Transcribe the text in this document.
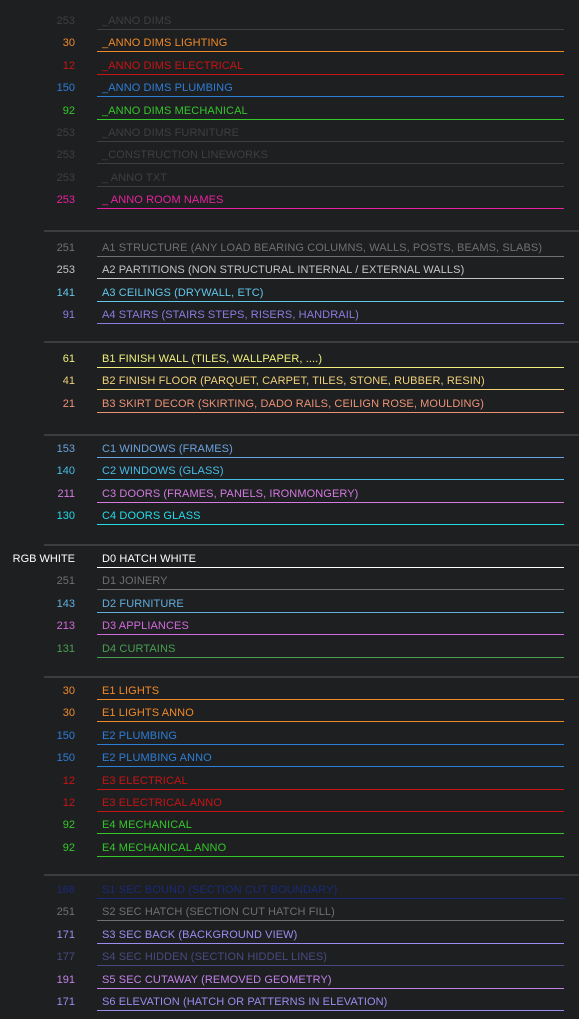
253 _ANNO DIMS
30 _ANNO DIMS LIGHTING
12 _ANNO DIMS ELECTRICAL
150 _ANNO DIMS PLUMBING
92 _ANNO DIMS MECHANICAL
253 _ANNO DIMS FURNITURE
253 _CONSTRUCTION LINEWORKS
253 _ ANNO TXT
253 _ ANNO ROOM NAMES
251 A1 STRUCTURE (ANY LOAD BEARING COLUMNS, WALLS, POSTS, BEAMS, SLABS)
253 A2 PARTITIONS (NON STRUCTURAL INTERNAL / EXTERNAL WALLS)
141 A3 CEILINGS (DRYWALL, ETC)
91 A4 STAIRS (STAIRS STEPS, RISERS, HANDRAIL)
61 B1 FINISH WALL (TILES, WALLPAPER, ....)
41 B2 FINISH FLOOR (PARQUET, CARPET, TILES, STONE, RUBBER, RESIN)
21 B3 SKIRT DECOR (SKIRTING, DADO RAILS, CEILIGN ROSE, MOULDING)
153 C1 WINDOWS (FRAMES)
140 C2 WINDOWS (GLASS)
211 C3 DOORS (FRAMES, PANELS, IRONMONGERY)
130 C4 DOORS GLASS
RGB WHITE D0 HATCH WHITE
251 D1 JOINERY
143 D2 FURNITURE
213 D3 APPLIANCES
131 D4 CURTAINS
30 E1 LIGHTS
30 E1 LIGHTS ANNO
150 E2 PLUMBING
150 E2 PLUMBING ANNO
12 E3 ELECTRICAL
12 E3 ELECTRICAL ANNO
92 E4 MECHANICAL
92 E4 MECHANICAL ANNO
168 S1 SEC BOUND (SECTION CUT BOUNDARY)
251 S2 SEC HATCH (SECTION CUT HATCH FILL)
171 S3 SEC BACK (BACKGROUND VIEW)
177 S4 SEC HIDDEN (SECTION HIDDEL LINES)
191 S5 SEC CUTAWAY (REMOVED GEOMETRY)
171 S6 ELEVATION (HATCH OR PATTERNS IN ELEVATION)
